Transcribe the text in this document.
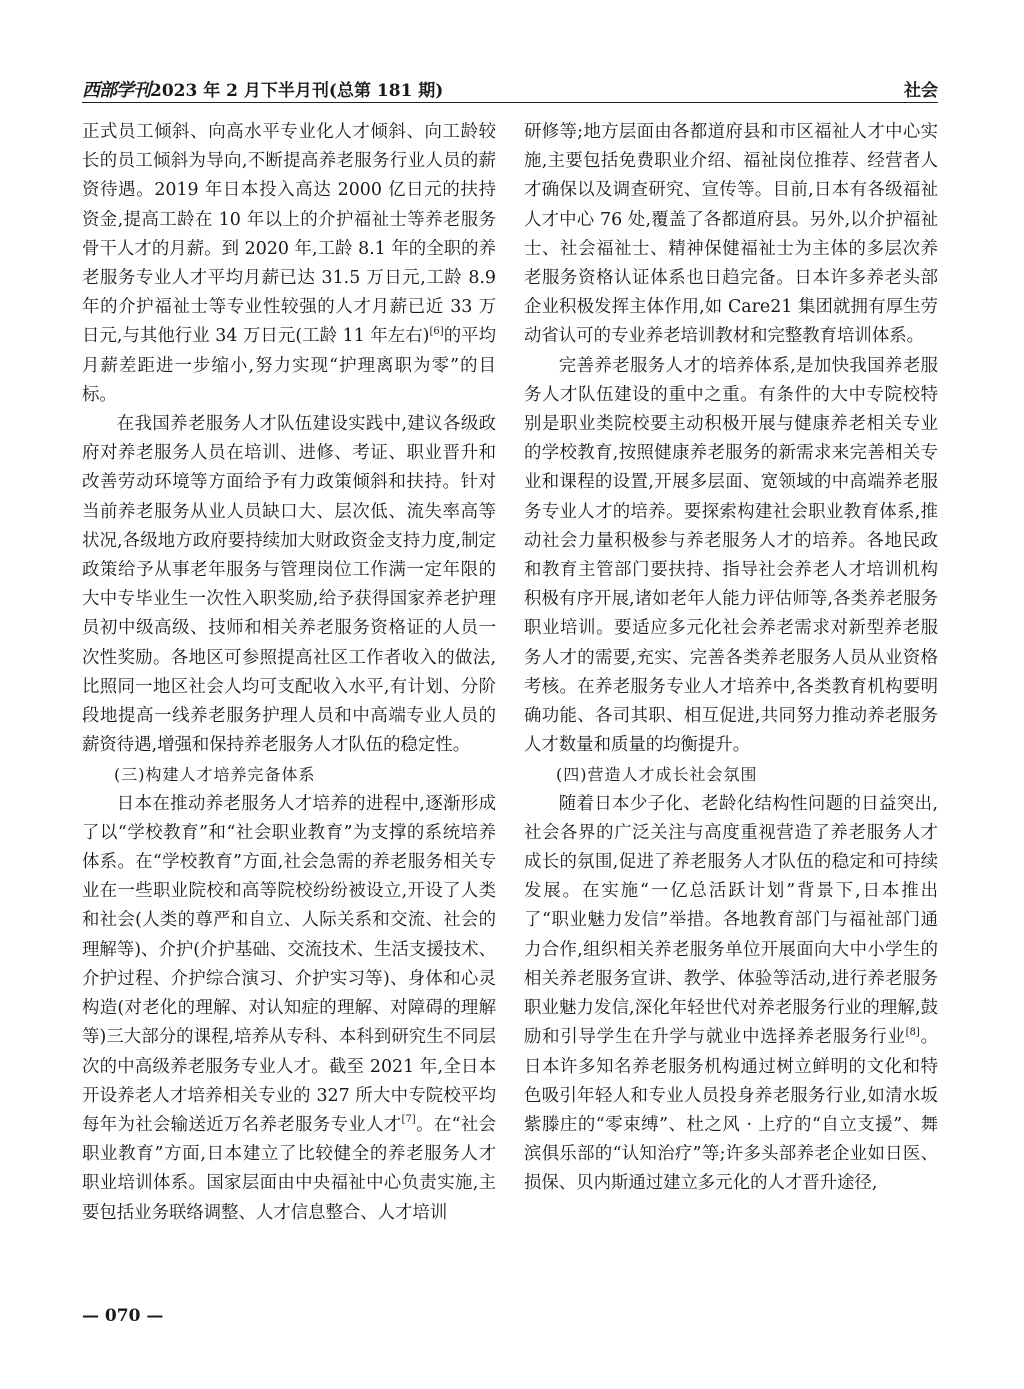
西部学刊2023 年 2 月下半月刊(总第 181 期)	社会

正式员工倾斜、向高水平专业化人才倾斜、向工龄较长的员工倾斜为导向,不断提高养老服务行业人员的薪资待遇。2019 年日本投入高达 2000 亿日元的扶持资金,提高工龄在 10 年以上的介护福祉士等养老服务骨干人才的月薪。到 2020 年,工龄 8.1 年的全职的养老服务专业人才平均月薪已达 31.5 万日元,工龄 8.9 年的介护福祉士等专业性较强的人才月薪已近 33 万日元,与其他行业 34 万日元(工龄 11 年左右)[6]的平均月薪差距进一步缩小,努力实现“护理离职为零”的目标。

在我国养老服务人才队伍建设实践中,建议各级政府对养老服务人员在培训、进修、考证、职业晋升和改善劳动环境等方面给予有力政策倾斜和扶持。针对当前养老服务从业人员缺口大、层次低、流失率高等状况,各级地方政府要持续加大财政资金支持力度,制定政策给予从事老年服务与管理岗位工作满一定年限的大中专毕业生一次性入职奖励,给予获得国家养老护理员初中级高级、技师和相关养老服务资格证的人员一次性奖励。各地区可参照提高社区工作者收入的做法,比照同一地区社会人均可支配收入水平,有计划、分阶段地提高一线养老服务护理人员和中高端专业人员的薪资待遇,增强和保持养老服务人才队伍的稳定性。

(三)构建人才培养完备体系

日本在推动养老服务人才培养的进程中,逐渐形成了以“学校教育”和“社会职业教育”为支撑的系统培养体系。在“学校教育”方面,社会急需的养老服务相关专业在一些职业院校和高等院校纷纷被设立,开设了人类和社会(人类的尊严和自立、人际关系和交流、社会的理解等)、介护(介护基础、交流技术、生活支援技术、介护过程、介护综合演习、介护实习等)、身体和心灵构造(对老化的理解、对认知症的理解、对障碍的理解等)三大部分的课程,培养从专科、本科到研究生不同层次的中高级养老服务专业人才。截至 2021 年,全日本开设养老人才培养相关专业的 327 所大中专院校平均每年为社会输送近万名养老服务专业人才[7]。在“社会职业教育”方面,日本建立了比较健全的养老服务人才职业培训体系。国家层面由中央福祉中心负责实施,主要包括业务联络调整、人才信息整合、人才培训

研修等;地方层面由各都道府县和市区福祉人才中心实施,主要包括免费职业介绍、福祉岗位推荐、经营者人才确保以及调查研究、宣传等。目前,日本有各级福祉人才中心 76 处,覆盖了各都道府县。另外,以介护福祉士、社会福祉士、精神保健福祉士为主体的多层次养老服务资格认证体系也日趋完备。日本许多养老头部企业积极发挥主体作用,如 Care21 集团就拥有厚生劳动省认可的专业养老培训教材和完整教育培训体系。

完善养老服务人才的培养体系,是加快我国养老服务人才队伍建设的重中之重。有条件的大中专院校特别是职业类院校要主动积极开展与健康养老相关专业的学校教育,按照健康养老服务的新需求来完善相关专业和课程的设置,开展多层面、宽领域的中高端养老服务专业人才的培养。要探索构建社会职业教育体系,推动社会力量积极参与养老服务人才的培养。各地民政和教育主管部门要扶持、指导社会养老人才培训机构积极有序开展,诸如老年人能力评估师等,各类养老服务职业培训。要适应多元化社会养老需求对新型养老服务人才的需要,充实、完善各类养老服务人员从业资格考核。在养老服务专业人才培养中,各类教育机构要明确功能、各司其职、相互促进,共同努力推动养老服务人才数量和质量的均衡提升。

(四)营造人才成长社会氛围

随着日本少子化、老龄化结构性问题的日益突出,社会各界的广泛关注与高度重视营造了养老服务人才成长的氛围,促进了养老服务人才队伍的稳定和可持续发展。在实施“一亿总活跃计划”背景下,日本推出了“职业魅力发信”举措。各地教育部门与福祉部门通力合作,组织相关养老服务单位开展面向大中小学生的相关养老服务宣讲、教学、体验等活动,进行养老服务职业魅力发信,深化年轻世代对养老服务行业的理解,鼓励和引导学生在升学与就业中选择养老服务行业[8]。日本许多知名养老服务机构通过树立鲜明的文化和特色吸引年轻人和专业人员投身养老服务行业,如清水坂紫滕庄的“零束缚”、杜之风 · 上疗的“自立支援”、舞滨俱乐部的“认知治疗”等;许多头部养老企业如日医、损保、贝内斯通过建立多元化的人才晋升途径,

— 070 —
